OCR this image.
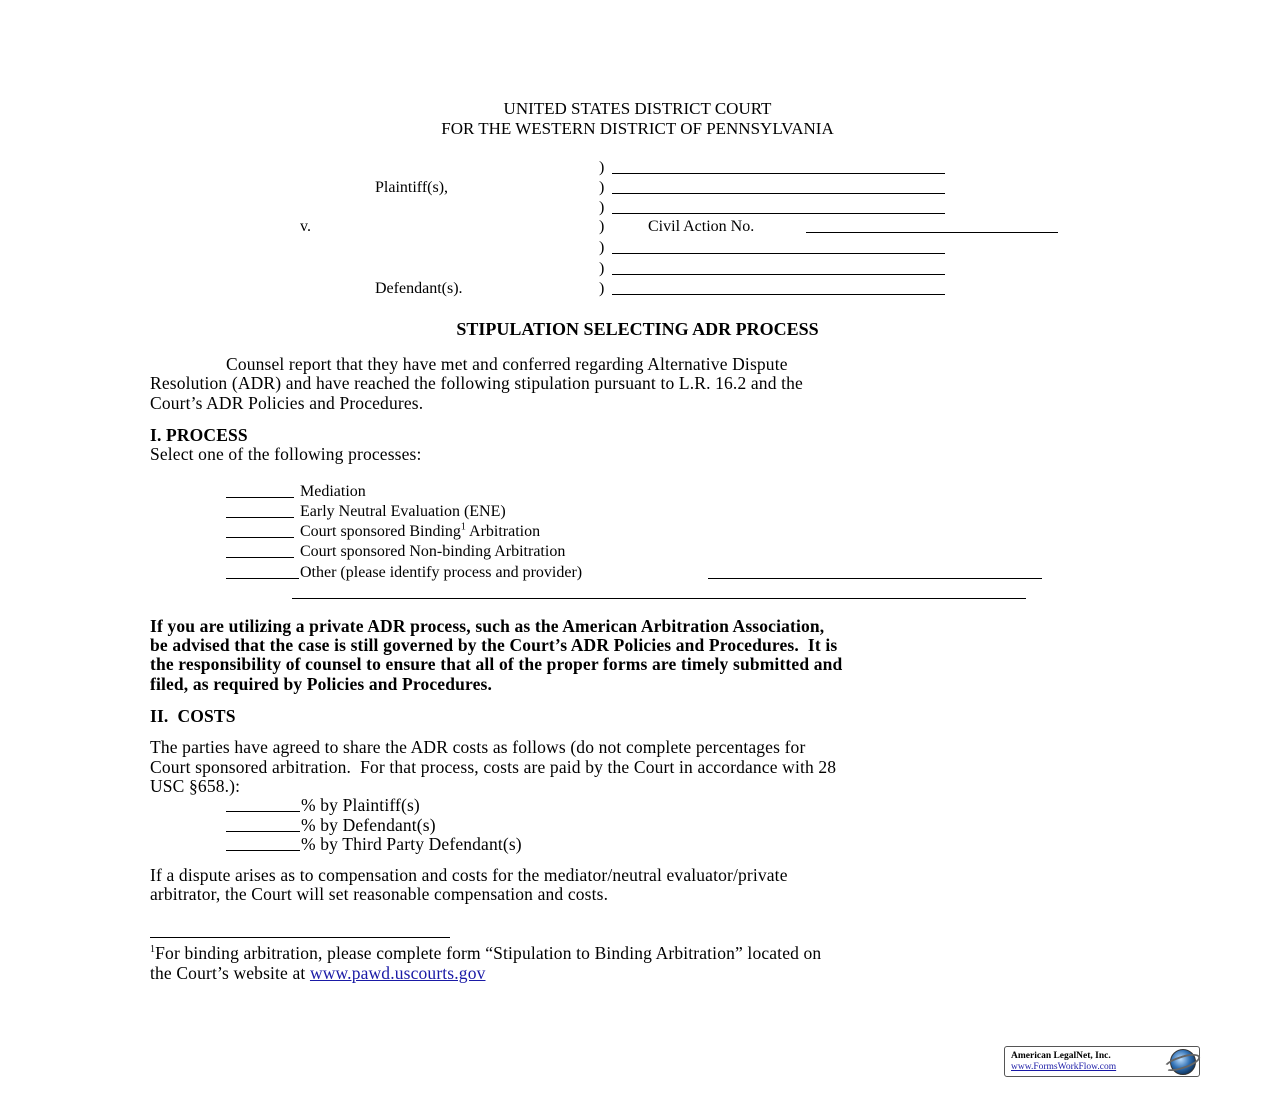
UNITED STATES DISTRICT COURT
FOR THE WESTERN DISTRICT OF PENNSYLVANIA
Plaintiff(s),
v.
Defendant(s).
)
)
)
)	Civil Action No.
)
)
)
STIPULATION SELECTING ADR PROCESS
Counsel report that they have met and conferred regarding Alternative Dispute
Resolution (ADR) and have reached the following stipulation pursuant to L.R. 16.2 and the
Court’s ADR Policies and Procedures.
I. PROCESS
Select one of the following processes:
Mediation
Early Neutral Evaluation (ENE)
Court sponsored Binding$^1$ Arbitration
Court sponsored Non-binding Arbitration
Other (please identify process and provider)
If you are utilizing a private ADR process, such as the American Arbitration Association,
be advised that the case is still governed by the Court’s ADR Policies and Procedures.  It is
the responsibility of counsel to ensure that all of the proper forms are timely submitted and
filed, as required by Policies and Procedures.
II.  COSTS
The parties have agreed to share the ADR costs as follows (do not complete percentages for
Court sponsored arbitration.  For that process, costs are paid by the Court in accordance with 28
USC §658.):
% by Plaintiff(s)
% by Defendant(s)
% by Third Party Defendant(s)
If a dispute arises as to compensation and costs for the mediator/neutral evaluator/private
arbitrator, the Court will set reasonable compensation and costs.
$^1$For binding arbitration, please complete form “Stipulation to Binding Arbitration” located on
the Court’s website at www.pawd.uscourts.gov
American LegalNet, Inc.
www.FormsWorkFlow.com
